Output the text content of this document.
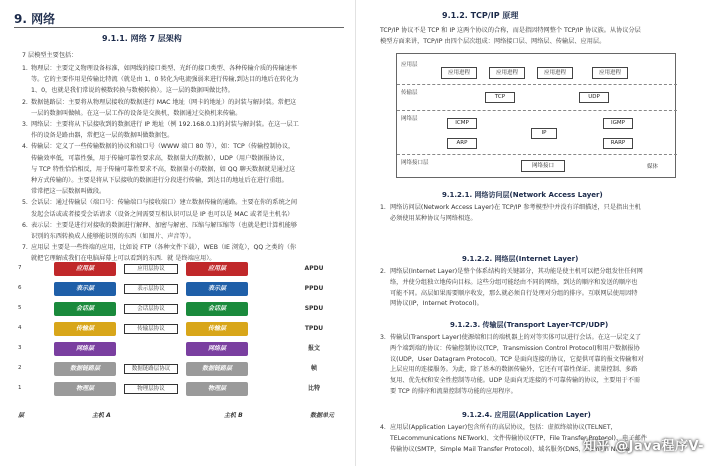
9. 网络
9.1.1. 网络 7 层架构
7 层模型主要包括：
1. 物理层：主要定义物理设备标准，如网线的接口类型、光纤的接口类型、各种传输介质的传输速率
等。它的主要作用是传输比特流（就是由 1、0 转化为电流强弱来进行传输,到达目的地后在转化为
1、0，也就是我们常说的模数转换与数模转换）。这一层的数据叫做比特。
2. 数据链路层：主要将从物理层接收的数据进行 MAC 地址（网卡的地址）的封装与解封装。常把这
一层的数据叫做帧。在这一层工作的设备是交换机，数据通过交换机来传输。
3. 网络层：主要将从下层接收到的数据进行 IP 地址（例 192.168.0.1)的封装与解封装。在这一层工
作的设备是路由器，常把这一层的数据叫做数据包。
4. 传输层：定义了一些传输数据的协议和端口号（WWW 端口 80 等），如：TCP（传输控制协议，
传输效率低，可靠性强，用于传输可靠性要求高，数据量大的数据），UDP（用户数据报协议，
与 TCP 特性恰恰相反，用于传输可靠性要求不高，数据量小的数据，如 QQ 聊天数据就是通过这
种方式传输的）。主要是将从下层接收的数据进行分段进行传输，到达目的地址后在进行重组。
常常把这一层数据叫做段。
5. 会话层：通过传输层（端口号：传输端口与接收端口）建立数据传输的通路。主要在你的系统之间
发起会话或或者接受会话请求（设备之间需要互相认识可以是 IP 也可以是 MAC 或者是主机名）
6. 表示层：主要是进行对接收的数据进行解释、加密与解密、压缩与解压缩等（也就是把计算机能够
识别的东西转换成人能够能识别的东西（如图片、声音等）。
7. 应用层 主要是一些终端的应用，比如说 FTP（各种文件下载），WEB（IE 浏览），QQ 之类的（你
就把它理解成我们在电脑屏幕上可以看到的东西．就 是终端应用）。
7	应用层	应用层
应用层协议	APDU
6	表示层	表示层
表示层协议	PPDU
5	会话层	会话层
会话层协议	SPDU
4	传输层	传输层
传输层协议	TPDU
3	网络层	网络层	报文
2	数据链路层	数据链路层
数据链路层协议	帧
1	物理层	物理层
物理层协议	比特
层	主机 A	主机 B	数据单元
9.1.2. TCP/IP 原理
TCP/IP 协议不是 TCP 和 IP 这两个协议的合称，而是指因特网整个 TCP/IP 协议族。从协议分层
模型方面来讲，TCP/IP 由四个层次组成：网络接口层、网络层、传输层、应用层。
应用层
传输层
网络层
网络接口层
应用进程	应用进程	应用进程	应用进程
TCP	UDP
ICMP	IGMP
IP
ARP	RARP
网络接口	媒体
9.1.2.1. 网络访问层(Network Access Layer)
1. 网络访问层(Network Access Layer)在 TCP/IP 参考模型中并没有详细描述，只是指出主机
必须使用某种协议与网络相连。
9.1.2.2. 网络层(Internet Layer)
2. 网络层(Internet Layer)是整个体系结构的关键部分，其功能是使主机可以把分组发往任何网
络，并使分组独立地传向目标。这些分组可能经由不同的网络，到达的顺序和发送的顺序也
可能不同。高层如果需要顺序收发，那么就必须自行处理对分组的排序。互联网层使用因特
网协议(IP，Internet Protocol)。
9.1.2.3. 传输层(Transport Layer-TCP/UDP)
3. 传输层(Transport Layer)使源端和目的端机器上的对等实体可以进行会话。在这一层定义了
两个端到端的协议：传输控制协议(TCP，Transmission Control Protocol)和用户数据报协
议(UDP，User Datagram Protocol)。TCP 是面向连接的协议，它提供可靠的报文传输和对
上层应用的连接服务。为此，除了基本的数据传输外，它还有可靠性保证、流量控制、多路
复用、优先权和安全性控制等功能。UDP 是面向无连接的不可靠传输的协议，主要用于不需
要 TCP 的排序和流量控制等功能的应用程序。
9.1.2.4. 应用层(Application Layer)
4. 应用层(Application Layer)包含所有的高层协议，包括：虚拟终端协议(TELNET，
TELecommunications NETwork)、文件传输协议(FTP，File Transfer Protocol)、电子邮件
传输协议(SMTP，Simple Mail Transfer Protocol)、域名服务(DNS，Domain Name
知乎 @Java程序V-
